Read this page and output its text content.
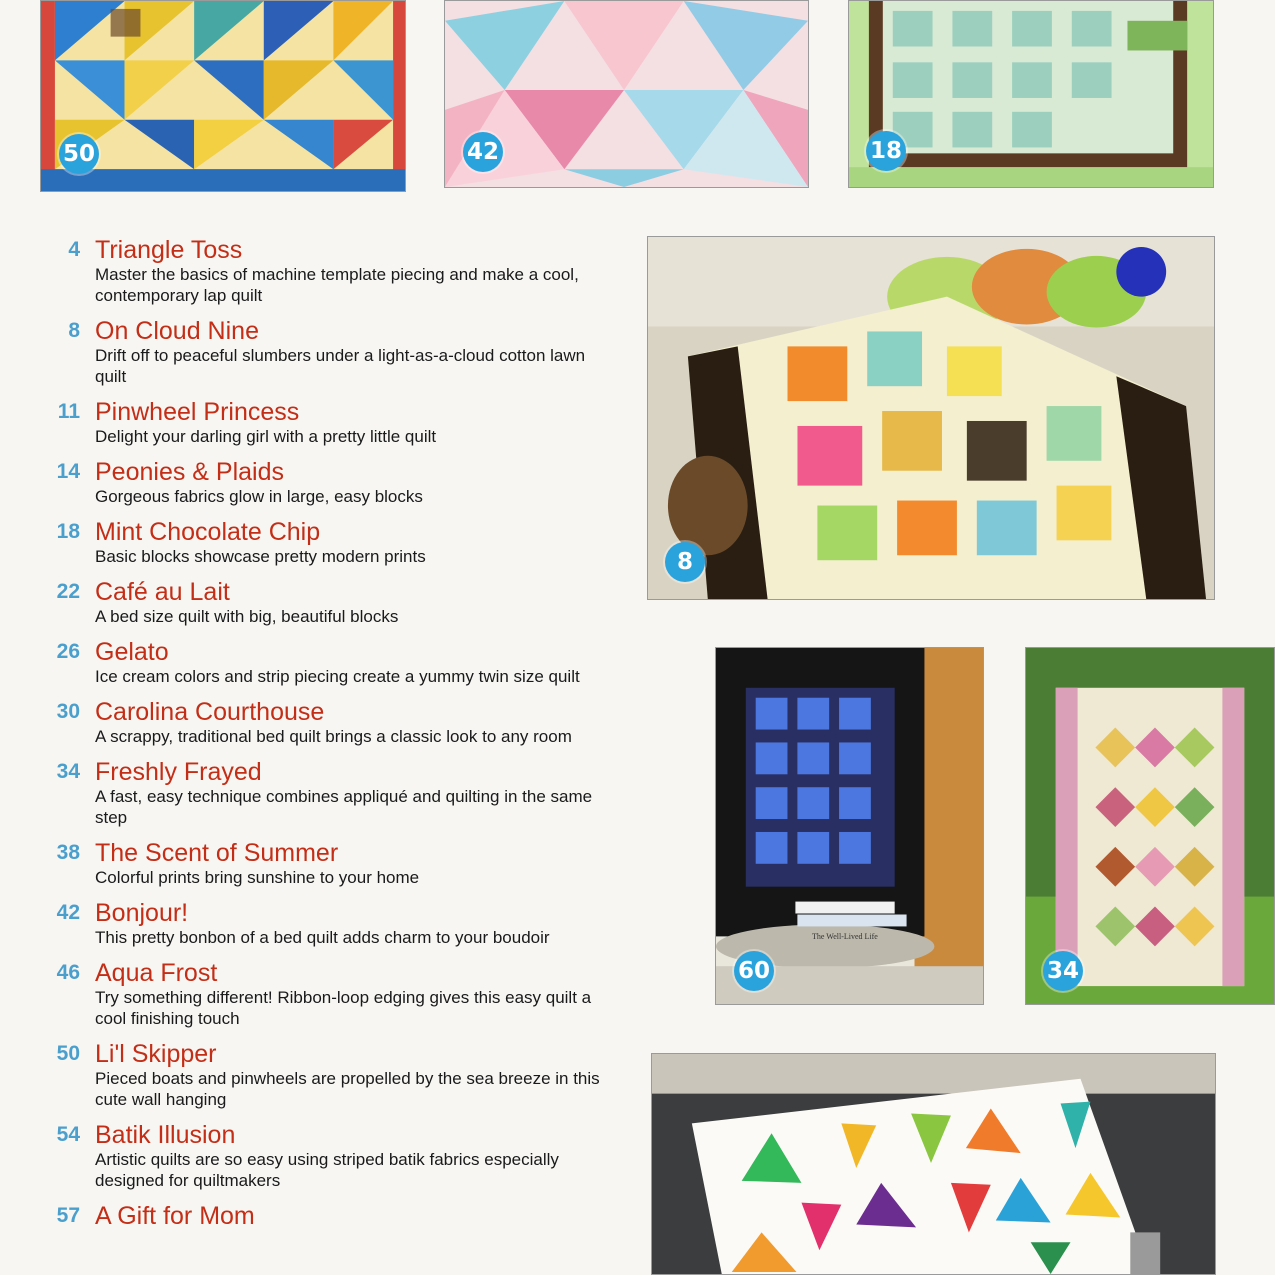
50	42	18
4 Triangle Toss
Master the basics of machine template piecing and make a cool, contemporary lap quilt
8 On Cloud Nine
Drift off to peaceful slumbers under a light-as-a-cloud cotton lawn quilt
11 Pinwheel Princess
Delight your darling girl with a pretty little quilt
14 Peonies & Plaids
Gorgeous fabrics glow in large, easy blocks
18 Mint Chocolate Chip
Basic blocks showcase pretty modern prints
22 Café au Lait
A bed size quilt with big, beautiful blocks
26 Gelato
Ice cream colors and strip piecing create a yummy twin size quilt
30 Carolina Courthouse
A scrappy, traditional bed quilt brings a classic look to any room
34 Freshly Frayed
A fast, easy technique combines appliqué and quilting in the same step
38 The Scent of Summer
Colorful prints bring sunshine to your home
42 Bonjour!
This pretty bonbon of a bed quilt adds charm to your boudoir
46 Aqua Frost
Try something different! Ribbon-loop edging gives this easy quilt a cool finishing touch
50 Li'l Skipper
Pieced boats and pinwheels are propelled by the sea breeze in this cute wall hanging
54 Batik Illusion
Artistic quilts are so easy using striped batik fabrics especially designed for quiltmakers
57 A Gift for Mom
8
The Well-Lived Life
60	34
